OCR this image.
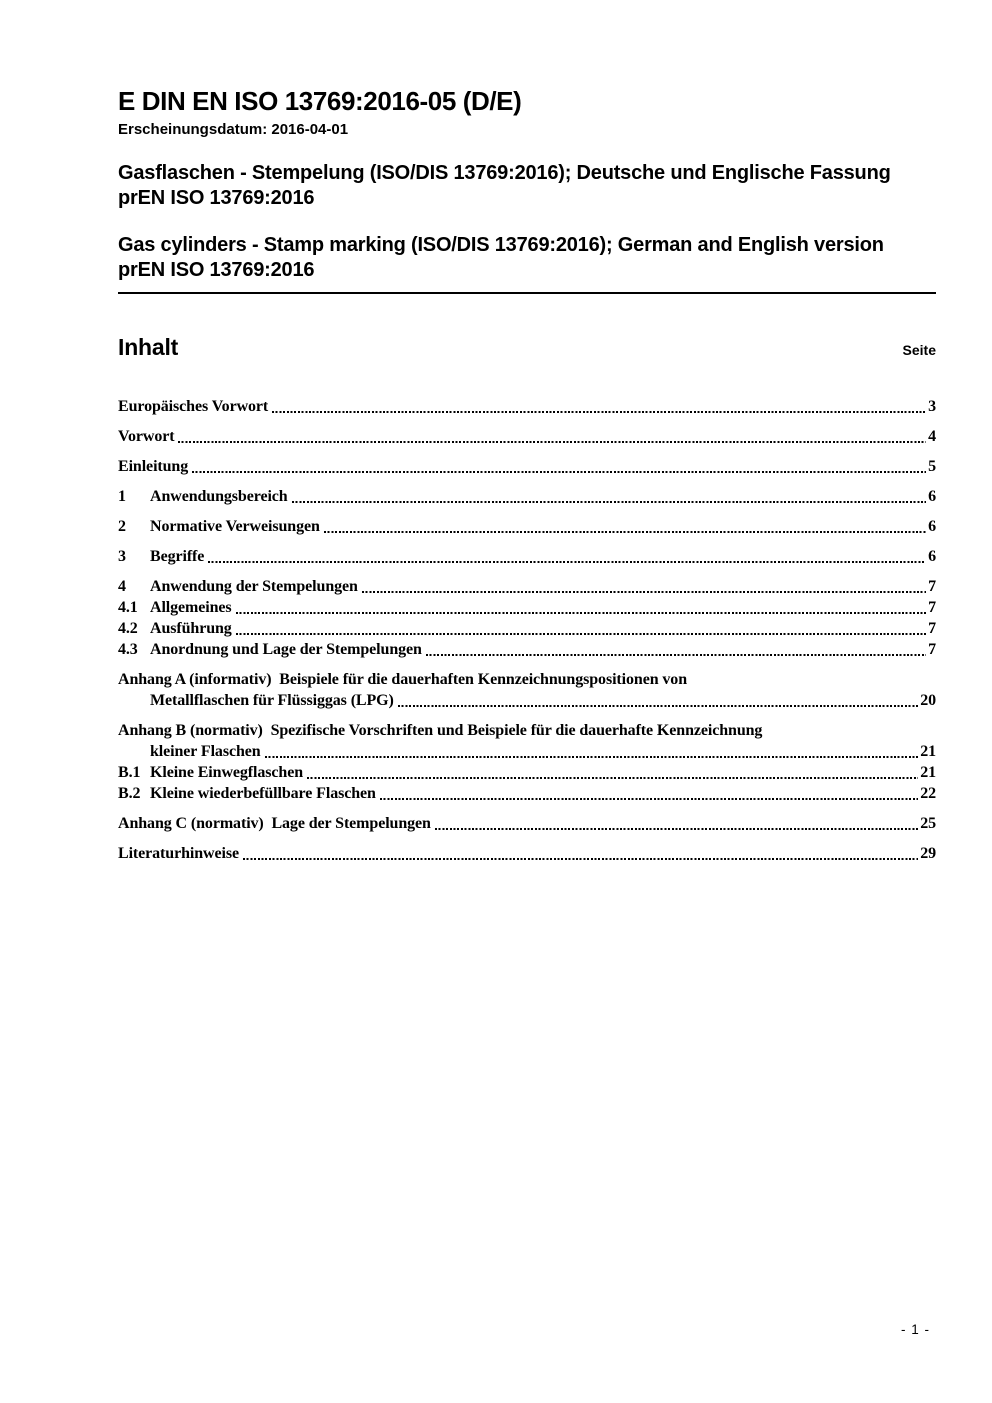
E DIN EN ISO 13769:2016-05 (D/E)
Erscheinungsdatum: 2016-04-01
Gasflaschen - Stempelung (ISO/DIS 13769:2016); Deutsche und Englische Fassung
prEN ISO 13769:2016
Gas cylinders - Stamp marking (ISO/DIS 13769:2016); German and English version
prEN ISO 13769:2016
Inhalt	Seite
Europäisches Vorwort	3
Vorwort	4
Einleitung	5
1	Anwendungsbereich	6
2	Normative Verweisungen	6
3	Begriffe	6
4	Anwendung der Stempelungen	7
4.1 Allgemeines	7
4.2 Ausführung	7
4.3 Anordnung und Lage der Stempelungen	7
Anhang A (informativ)  Beispiele für die dauerhaften Kennzeichnungspositionen von
Metallflaschen für Flüssiggas (LPG)	20
Anhang B (normativ)  Spezifische Vorschriften und Beispiele für die dauerhafte Kennzeichnung
kleiner Flaschen	21
B.1 Kleine Einwegflaschen	21
B.2 Kleine wiederbefüllbare Flaschen	22
Anhang C (normativ)  Lage der Stempelungen	25
Literaturhinweise	29
- 1 -
